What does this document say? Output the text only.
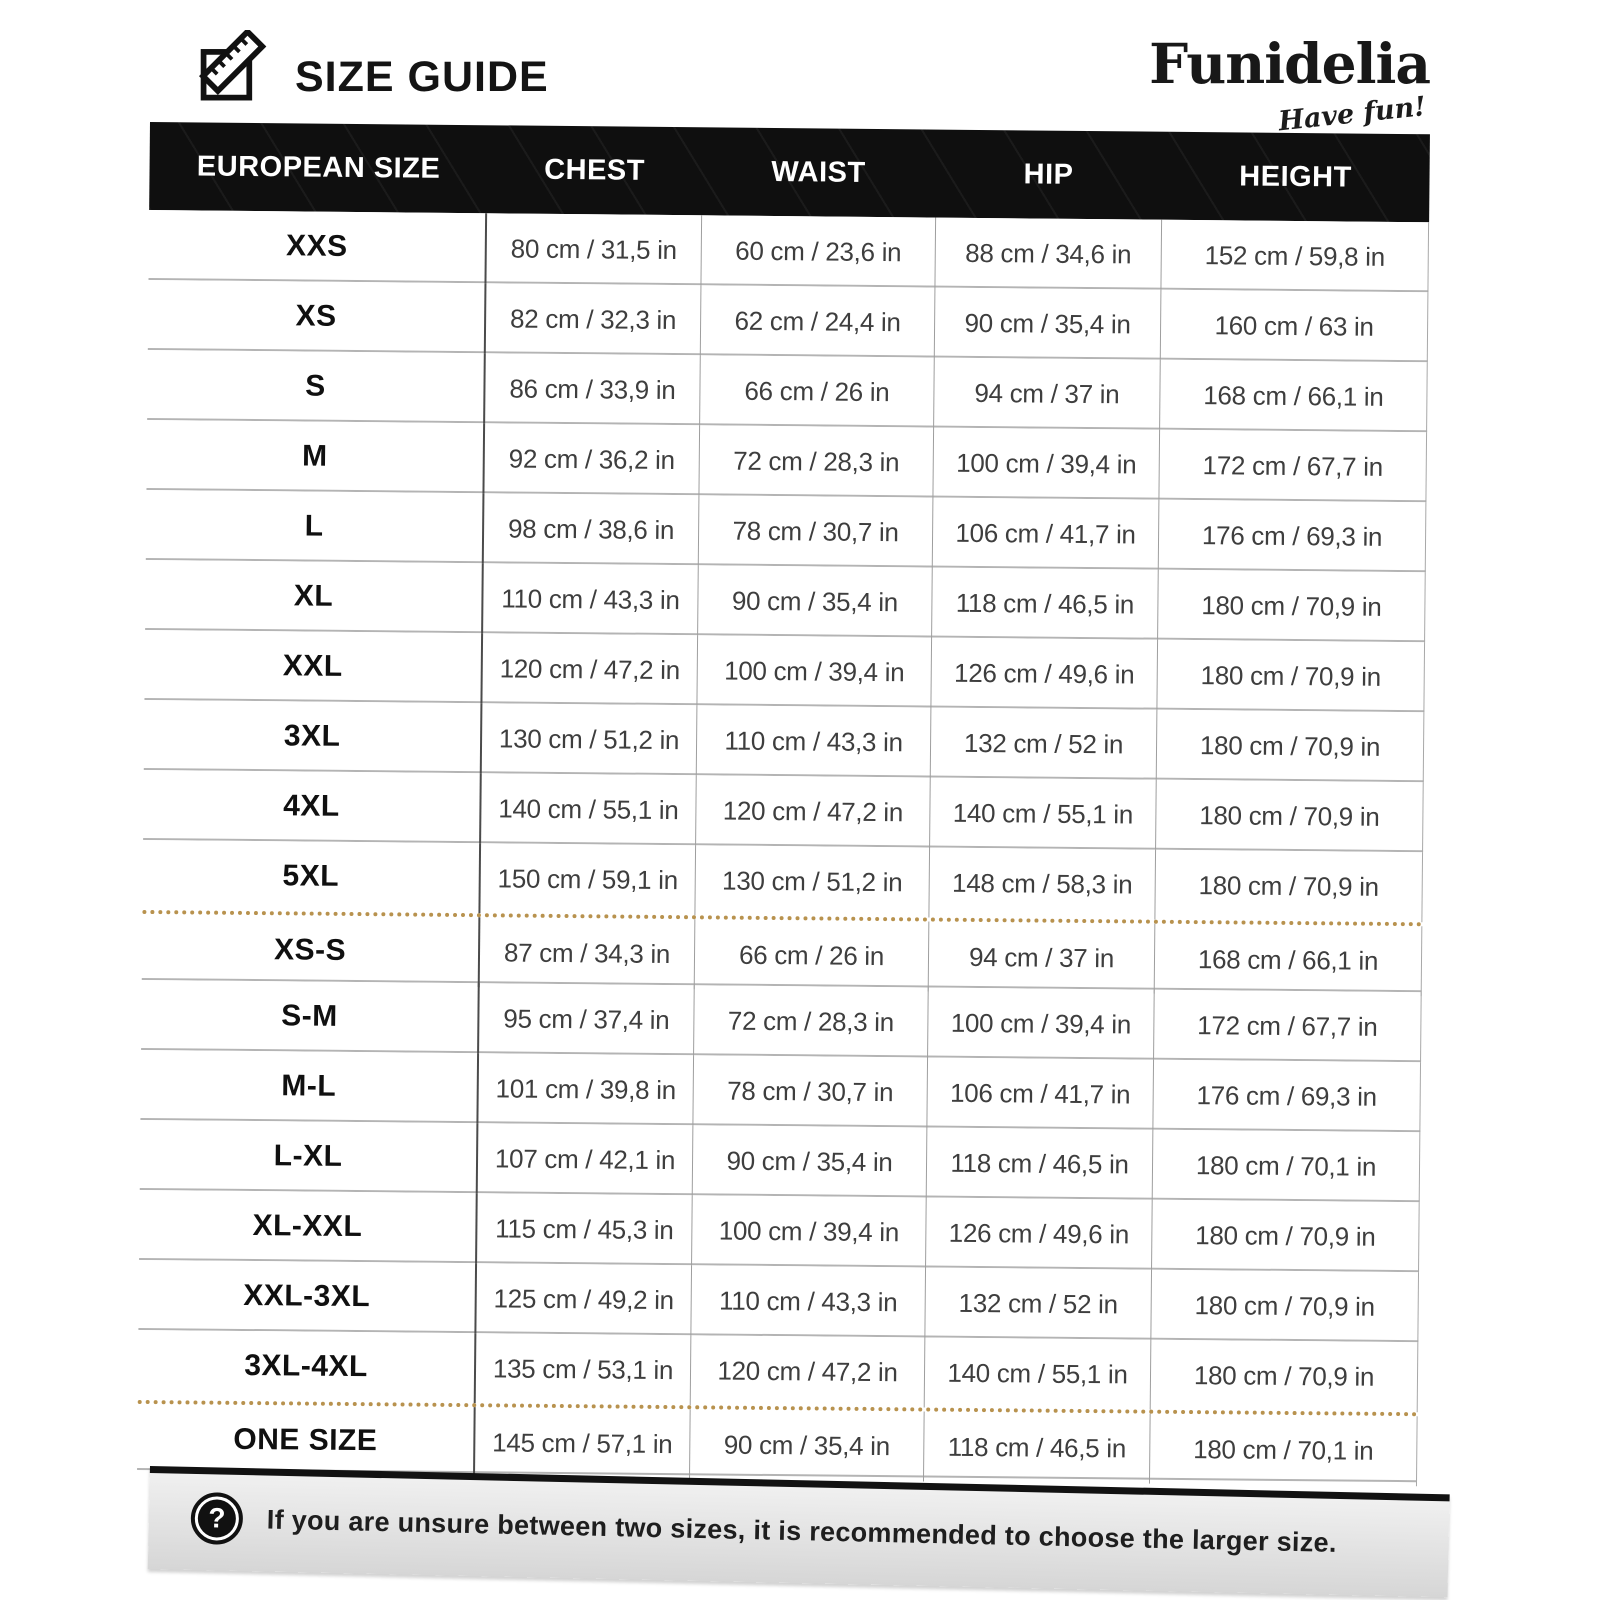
SIZE GUIDE	Funidelia
Have fun!
EUROPEAN SIZE	CHEST	WAIST	HIP	HEIGHT
XXS	80 cm / 31,5 in	60 cm / 23,6 in	88 cm / 34,6 in	152 cm / 59,8 in
XS	82 cm / 32,3 in	62 cm / 24,4 in	90 cm / 35,4 in	160 cm / 63 in
S	86 cm / 33,9 in	66 cm / 26 in	94 cm / 37 in	168 cm / 66,1 in
M	92 cm / 36,2 in	72 cm / 28,3 in	100 cm / 39,4 in	172 cm / 67,7 in
L	98 cm / 38,6 in	78 cm / 30,7 in	106 cm / 41,7 in	176 cm / 69,3 in
XL	110 cm / 43,3 in	90 cm / 35,4 in	118 cm / 46,5 in	180 cm / 70,9 in
XXL	120 cm / 47,2 in	100 cm / 39,4 in	126 cm / 49,6 in	180 cm / 70,9 in
3XL	130 cm / 51,2 in	110 cm / 43,3 in	132 cm / 52 in	180 cm / 70,9 in
4XL	140 cm / 55,1 in	120 cm / 47,2 in	140 cm / 55,1 in	180 cm / 70,9 in
5XL	150 cm / 59,1 in	130 cm / 51,2 in	148 cm / 58,3 in	180 cm / 70,9 in
XS-S	87 cm / 34,3 in	66 cm / 26 in	94 cm / 37 in	168 cm / 66,1 in
S-M	95 cm / 37,4 in	72 cm / 28,3 in	100 cm / 39,4 in	172 cm / 67,7 in
M-L	101 cm / 39,8 in	78 cm / 30,7 in	106 cm / 41,7 in	176 cm / 69,3 in
L-XL	107 cm / 42,1 in	90 cm / 35,4 in	118 cm / 46,5 in	180 cm / 70,1 in
XL-XXL	115 cm / 45,3 in	100 cm / 39,4 in	126 cm / 49,6 in	180 cm / 70,9 in
XXL-3XL	125 cm / 49,2 in	110 cm / 43,3 in	132 cm / 52 in	180 cm / 70,9 in
3XL-4XL	135 cm / 53,1 in	120 cm / 47,2 in	140 cm / 55,1 in	180 cm / 70,9 in
ONE SIZE	145 cm / 57,1 in	90 cm / 35,4 in	118 cm / 46,5 in	180 cm / 70,1 in
?	If you are unsure between two sizes, it is recommended to choose the larger size.
